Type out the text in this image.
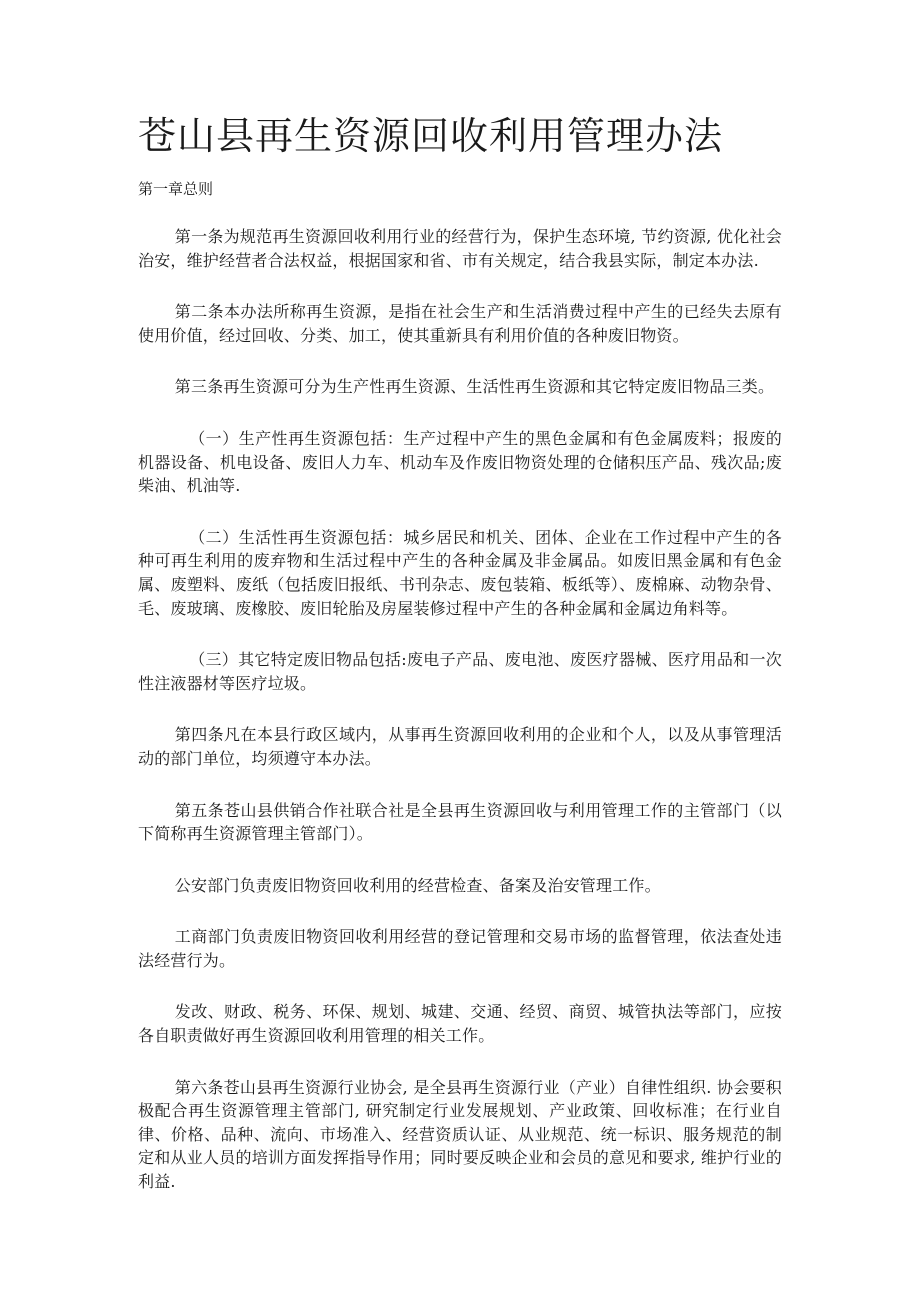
苍山县再生资源回收利用管理办法
第一章总则

第一条为规范再生资源回收利用行业的经营行为，保护生态环境, 节约资源, 优化社会治安，维护经营者合法权益，根据国家和省、市有关规定，结合我县实际，制定本办法.

第二条本办法所称再生资源，是指在社会生产和生活消费过程中产生的已经失去原有使用价值，经过回收、分类、加工，使其重新具有利用价值的各种废旧物资。

第三条再生资源可分为生产性再生资源、生活性再生资源和其它特定废旧物品三类。

（一）生产性再生资源包括：生产过程中产生的黑色金属和有色金属废料；报废的机器设备、机电设备、废旧人力车、机动车及作废旧物资处理的仓储积压产品、残次品;废柴油、机油等.

（二）生活性再生资源包括：城乡居民和机关、团体、企业在工作过程中产生的各种可再生利用的废弃物和生活过程中产生的各种金属及非金属品。如废旧黑金属和有色金属、废塑料、废纸（包括废旧报纸、书刊杂志、废包装箱、板纸等）、废棉麻、动物杂骨、毛、废玻璃、废橡胶、废旧轮胎及房屋装修过程中产生的各种金属和金属边角料等。

（三）其它特定废旧物品包括:废电子产品、废电池、废医疗器械、医疗用品和一次性注液器材等医疗垃圾。

第四条凡在本县行政区域内，从事再生资源回收利用的企业和个人，以及从事管理活动的部门单位，均须遵守本办法。

第五条苍山县供销合作社联合社是全县再生资源回收与利用管理工作的主管部门（以下简称再生资源管理主管部门）。

公安部门负责废旧物资回收利用的经营检查、备案及治安管理工作。

工商部门负责废旧物资回收利用经营的登记管理和交易市场的监督管理，依法查处违法经营行为。

发改、财政、税务、环保、规划、城建、交通、经贸、商贸、城管执法等部门，应按各自职责做好再生资源回收利用管理的相关工作。

第六条苍山县再生资源行业协会, 是全县再生资源行业（产业）自律性组织. 协会要积极配合再生资源管理主管部门, 研究制定行业发展规划、产业政策、回收标准；在行业自律、价格、品种、流向、市场准入、经营资质认证、从业规范、统一标识、服务规范的制定和从业人员的培训方面发挥指导作用；同时要反映企业和会员的意见和要求, 维护行业的利益.
